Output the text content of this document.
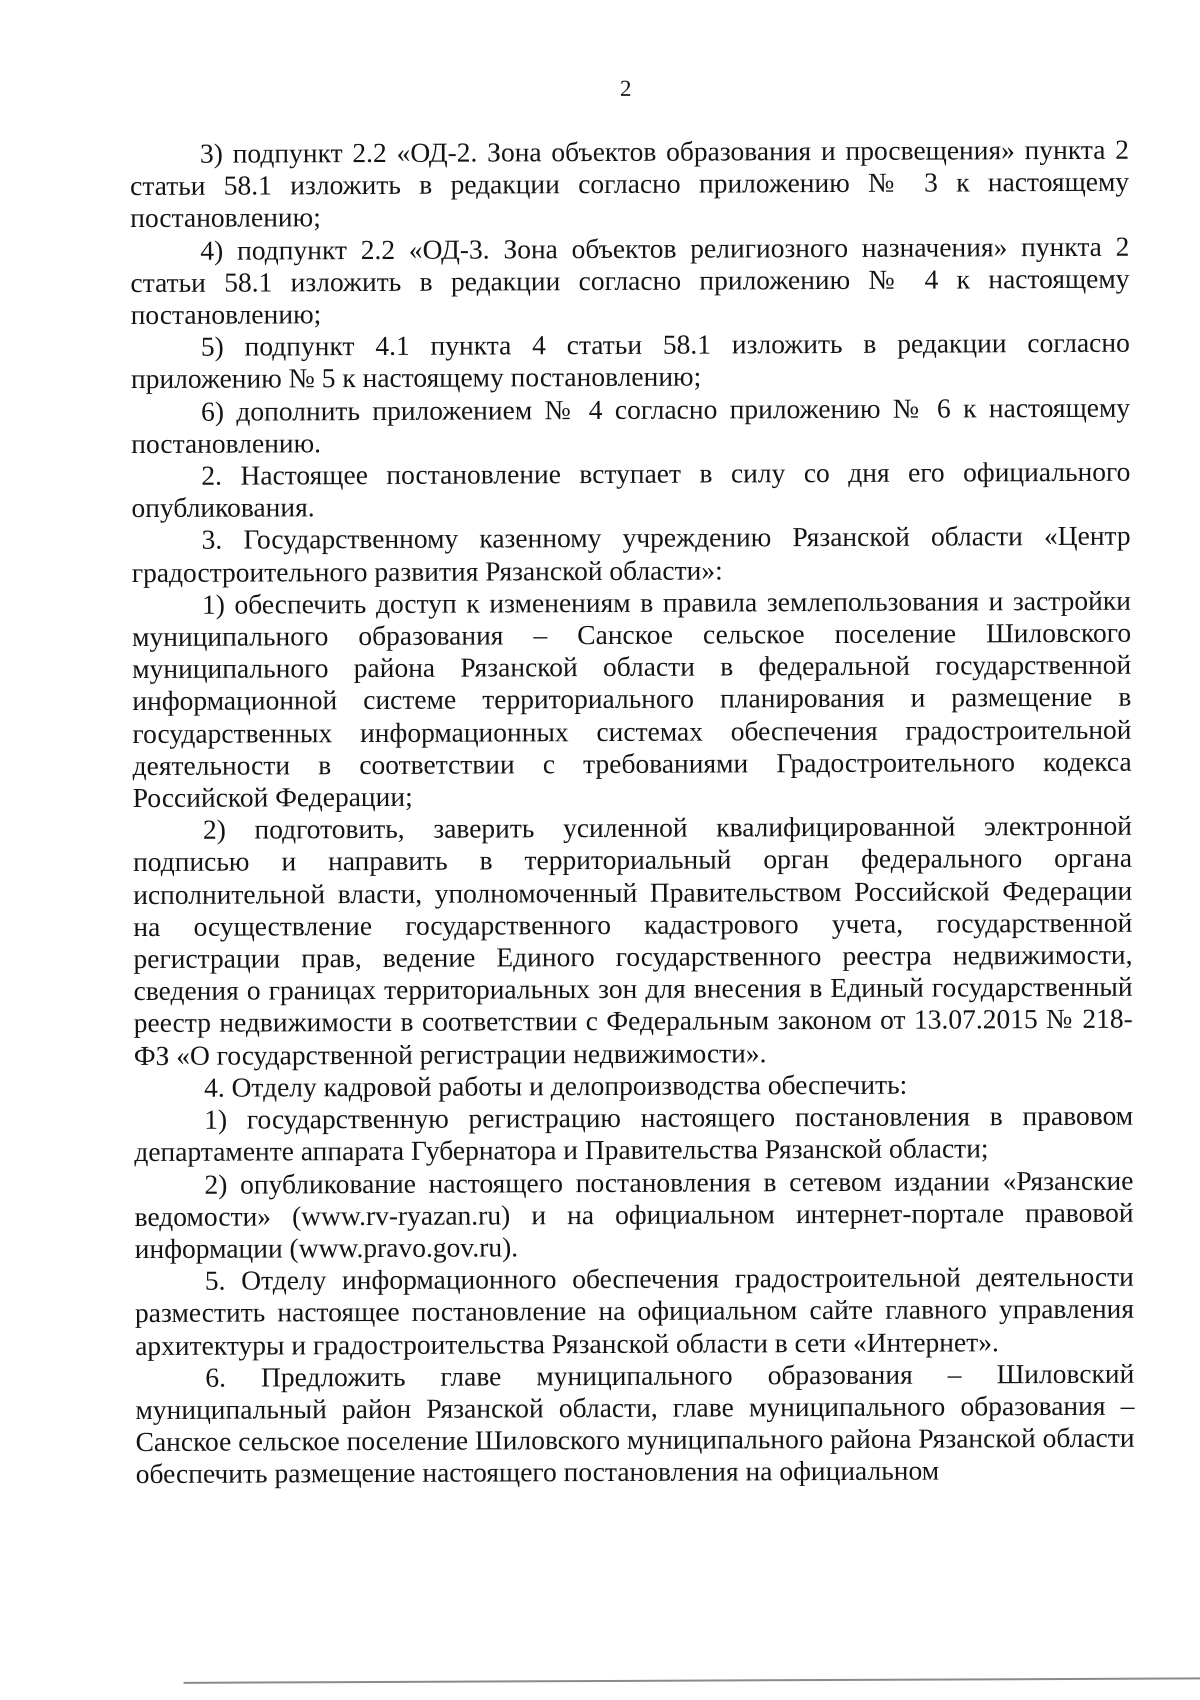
2

3) подпункт 2.2 «ОД-2. Зона объектов образования и просвещения» пункта 2 статьи 58.1 изложить в редакции согласно приложению № 3 к настоящему постановлению;

4) подпункт 2.2 «ОД-3. Зона объектов религиозного назначения» пункта 2 статьи 58.1 изложить в редакции согласно приложению № 4 к настоящему постановлению;

5) подпункт 4.1 пункта 4 статьи 58.1 изложить в редакции согласно приложению № 5 к настоящему постановлению;

6) дополнить приложением № 4 согласно приложению № 6 к настоящему постановлению.

2. Настоящее постановление вступает в силу со дня его официального опубликования.

3. Государственному казенному учреждению Рязанской области «Центр градостроительного развития Рязанской области»:

1) обеспечить доступ к изменениям в правила землепользования и застройки муниципального образования – Санское сельское поселение Шиловского муниципального района Рязанской области в федеральной государственной информационной системе территориального планирования и размещение в государственных информационных системах обеспечения градостроительной деятельности в соответствии с требованиями Градостроительного кодекса Российской Федерации;

2) подготовить, заверить усиленной квалифицированной электронной подписью и направить в территориальный орган федерального органа исполнительной власти, уполномоченный Правительством Российской Федерации на осуществление государственного кадастрового учета, государственной регистрации прав, ведение Единого государственного реестра недвижимости, сведения о границах территориальных зон для внесения в Единый государственный реестр недвижимости в соответствии с Федеральным законом от 13.07.2015 № 218-ФЗ «О государственной регистрации недвижимости».

4. Отделу кадровой работы и делопроизводства обеспечить:

1) государственную регистрацию настоящего постановления в правовом департаменте аппарата Губернатора и Правительства Рязанской области;

2) опубликование настоящего постановления в сетевом издании «Рязанские ведомости» (www.rv-ryazan.ru) и на официальном интернет-портале правовой информации (www.pravo.gov.ru).

5. Отделу информационного обеспечения градостроительной деятельности разместить настоящее постановление на официальном сайте главного управления архитектуры и градостроительства Рязанской области в сети «Интернет».

6. Предложить главе муниципального образования – Шиловский муниципальный район Рязанской области, главе муниципального образования – Санское сельское поселение Шиловского муниципального района Рязанской области обеспечить размещение настоящего постановления на официальном
